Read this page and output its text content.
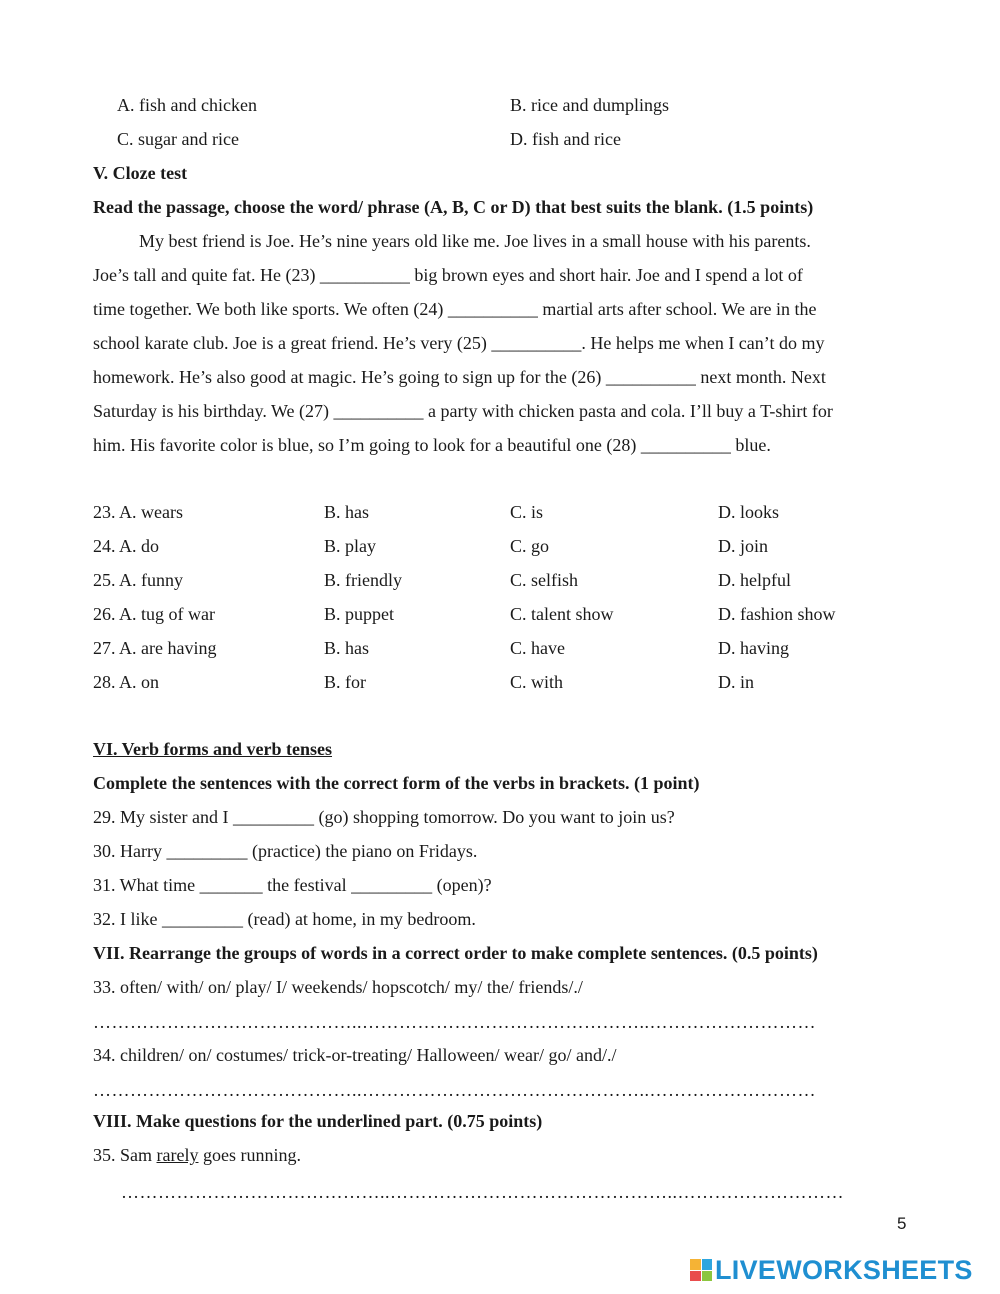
A. fish and chicken	B. rice and dumplings
C. sugar and rice	D. fish and rice
V. Cloze test
Read the passage, choose the word/ phrase (A, B, C or D) that best suits the blank. (1.5 points)
My best friend is Joe. He’s nine years old like me. Joe lives in a small house with his parents.
Joe’s tall and quite fat. He (23) __________ big brown eyes and short hair. Joe and I spend a lot of
time together. We both like sports. We often (24) __________ martial arts after school. We are in the
school karate club. Joe is a great friend. He’s very (25) __________. He helps me when I can’t do my
homework. He’s also good at magic. He’s going to sign up for the (26) __________ next month. Next
Saturday is his birthday. We (27) __________ a party with chicken pasta and cola. I’ll buy a T-shirt for
him. His favorite color is blue, so I’m going to look for a beautiful one (28) __________ blue.
23. A. wears	B. has	C. is	D. looks
24. A. do	B. play	C. go	D. join
25. A. funny	B. friendly	C. selfish	D. helpful
26. A. tug of war	B. puppet	C. talent show	D. fashion show
27. A. are having	B. has	C. have	D. having
28. A. on	B. for	C. with	D. in
VI. Verb forms and verb tenses
Complete the sentences with the correct form of the verbs in brackets. (1 point)
29. My sister and I _________ (go) shopping tomorrow. Do you want to join us?
30. Harry _________ (practice) the piano on Fridays.
31. What time _______ the festival _________ (open)?
32. I like _________ (read) at home, in my bedroom.
VII. Rearrange the groups of words in a correct order to make complete sentences. (0.5 points)
33. often/ with/ on/ play/ I/ weekends/ hopscotch/ my/ the/ friends/./
……………………………………..………………………………………..………………………
34. children/ on/ costumes/ trick-or-treating/ Halloween/ wear/ go/ and/./
……………………………………..………………………………………..………………………
VIII. Make questions for the underlined part. (0.75 points)
35. Sam rarely goes running.
……………………………………..………………………………………..………………………
5
LIVEWORKSHEETS
